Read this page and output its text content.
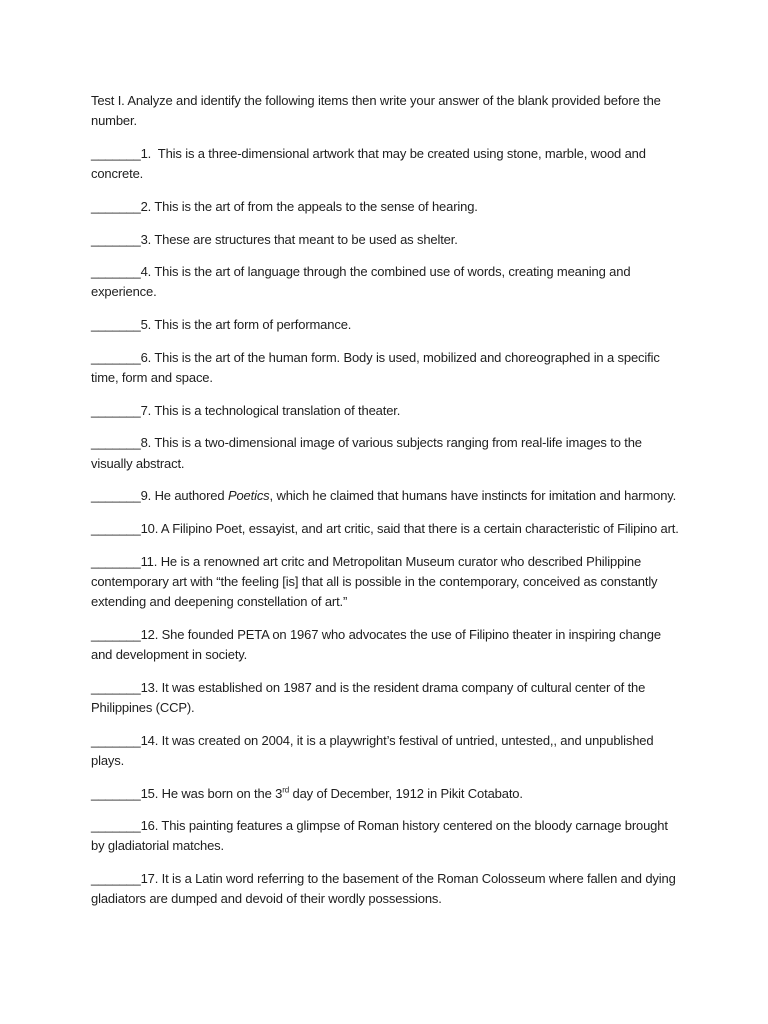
Test I. Analyze and identify the following items then write your answer of the blank provided before the number.

_______1.  This is a three-dimensional artwork that may be created using stone, marble, wood and concrete.

_______2. This is the art of from the appeals to the sense of hearing.

_______3. These are structures that meant to be used as shelter.

_______4. This is the art of language through the combined use of words, creating meaning and experience.

_______5. This is the art form of performance.

_______6. This is the art of the human form. Body is used, mobilized and choreographed in a specific time, form and space.

_______7. This is a technological translation of theater.

_______8. This is a two-dimensional image of various subjects ranging from real-life images to the visually abstract.

_______9. He authored Poetics, which he claimed that humans have instincts for imitation and harmony.

_______10. A Filipino Poet, essayist, and art critic, said that there is a certain characteristic of Filipino art.

_______11. He is a renowned art critc and Metropolitan Museum curator who described Philippine contemporary art with “the feeling [is] that all is possible in the contemporary, conceived as constantly extending and deepening constellation of art.”

_______12. She founded PETA on 1967 who advocates the use of Filipino theater in inspiring change and development in society.

_______13. It was established on 1987 and is the resident drama company of cultural center of the Philippines (CCP).

_______14. It was created on 2004, it is a playwright’s festival of untried, untested,, and unpublished plays.

_______15. He was born on the 3rd day of December, 1912 in Pikit Cotabato.

_______16. This painting features a glimpse of Roman history centered on the bloody carnage brought by gladiatorial matches.

_______17. It is a Latin word referring to the basement of the Roman Colosseum where fallen and dying gladiators are dumped and devoid of their wordly possessions.
